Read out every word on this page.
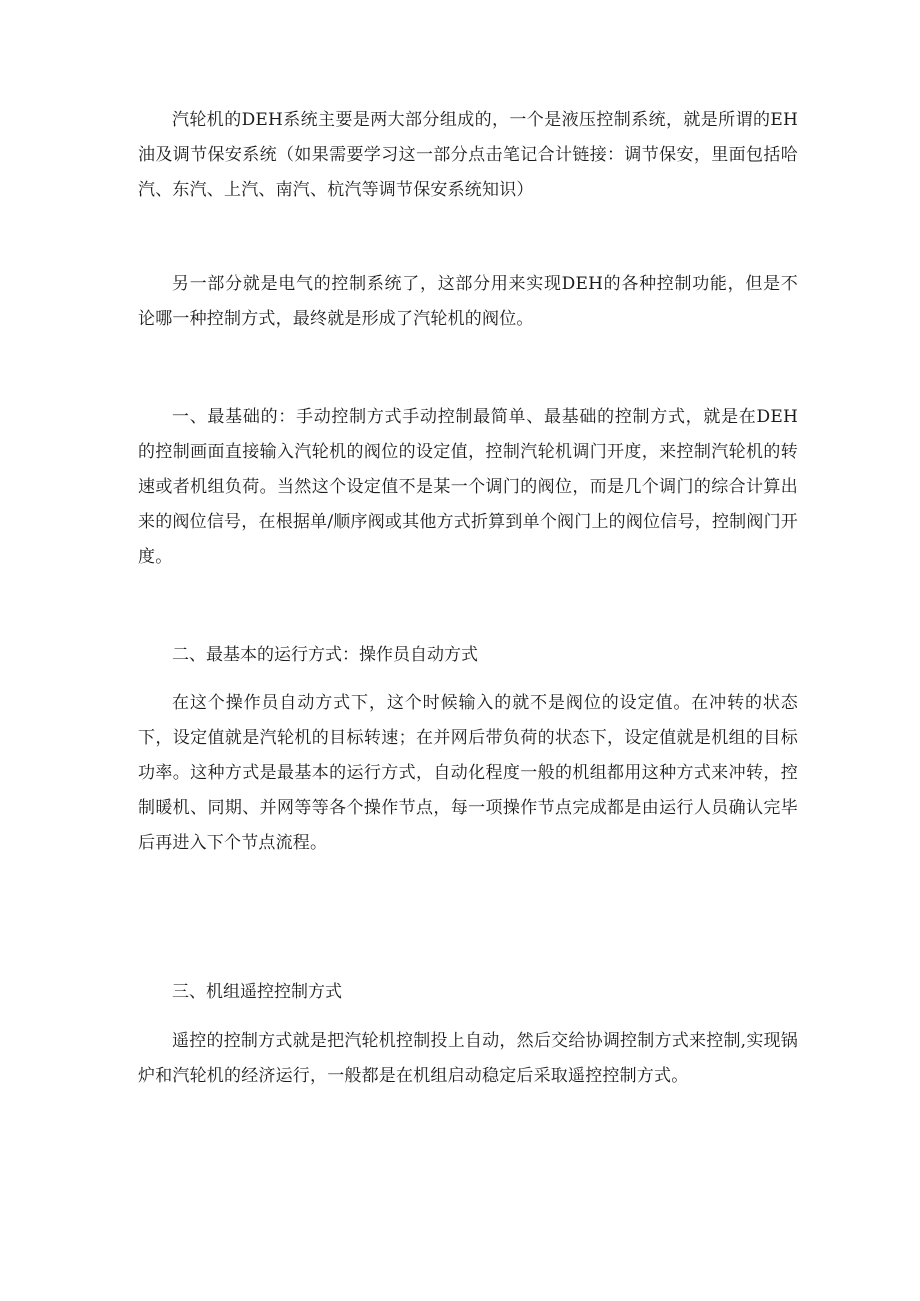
汽轮机的DEH系统主要是两大部分组成的，一个是液压控制系统，就是所谓的EH油及调节保安系统（如果需要学习这一部分点击笔记合计链接：调节保安，里面包括哈汽、东汽、上汽、南汽、杭汽等调节保安系统知识）

另一部分就是电气的控制系统了，这部分用来实现DEH的各种控制功能，但是不论哪一种控制方式，最终就是形成了汽轮机的阀位。

一、最基础的：手动控制方式手动控制最简单、最基础的控制方式，就是在DEH的控制画面直接输入汽轮机的阀位的设定值，控制汽轮机调门开度，来控制汽轮机的转速或者机组负荷。当然这个设定值不是某一个调门的阀位，而是几个调门的综合计算出来的阀位信号，在根据单/顺序阀或其他方式折算到单个阀门上的阀位信号，控制阀门开度。

二、最基本的运行方式：操作员自动方式

在这个操作员自动方式下，这个时候输入的就不是阀位的设定值。在冲转的状态下，设定值就是汽轮机的目标转速；在并网后带负荷的状态下，设定值就是机组的目标功率。这种方式是最基本的运行方式，自动化程度一般的机组都用这种方式来冲转，控制暖机、同期、并网等等各个操作节点，每一项操作节点完成都是由运行人员确认完毕后再进入下个节点流程。

三、机组遥控控制方式

遥控的控制方式就是把汽轮机控制投上自动，然后交给协调控制方式来控制,实现锅炉和汽轮机的经济运行，一般都是在机组启动稳定后采取遥控控制方式。
